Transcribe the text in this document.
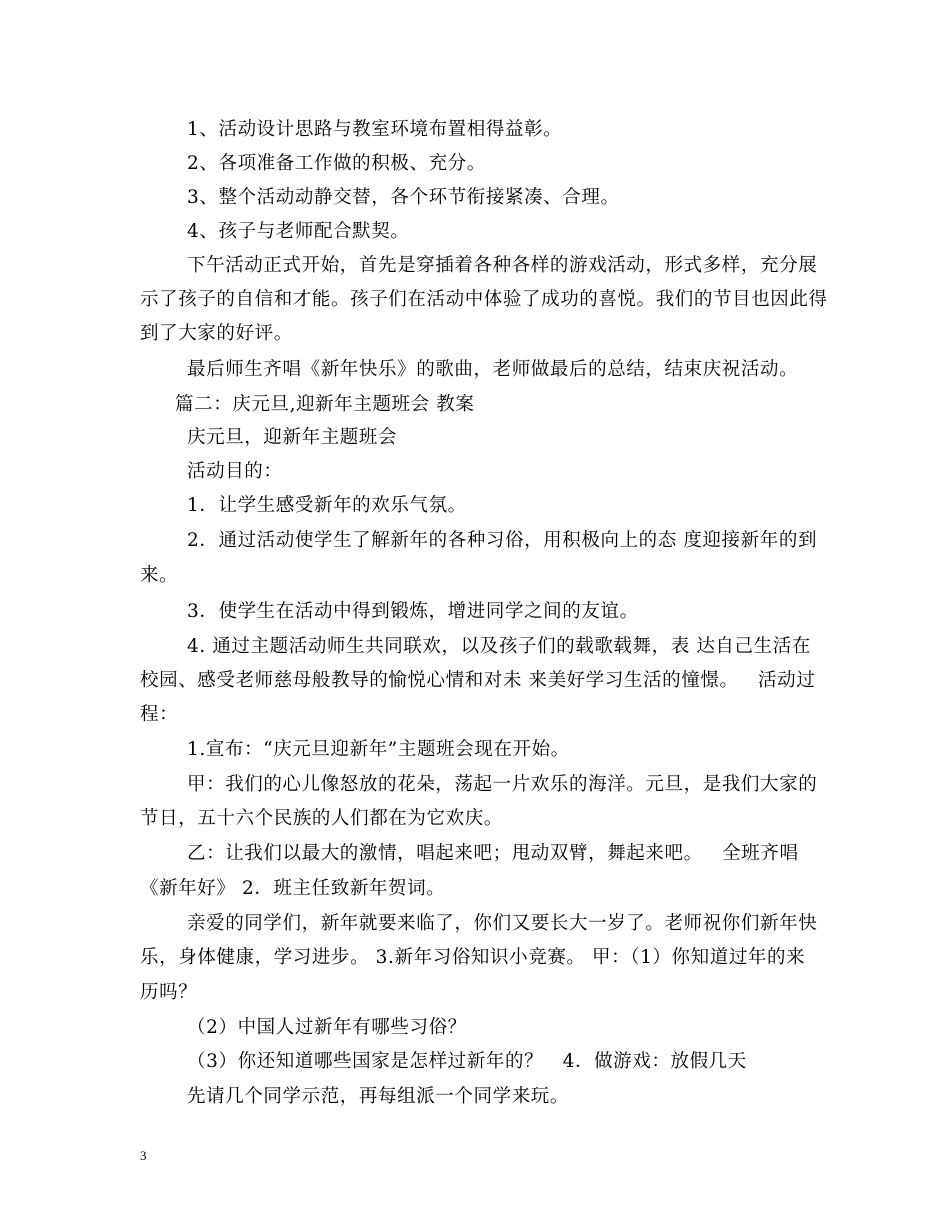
1、活动设计思路与教室环境布置相得益彰。
2、各项准备工作做的积极、充分。
3、整个活动动静交替，各个环节衔接紧凑、合理。
4、孩子与老师配合默契。
下午活动正式开始，首先是穿插着各种各样的游戏活动，形式多样，充分展
示了孩子的自信和才能。孩子们在活动中体验了成功的喜悦。我们的节目也因此得
到了大家的好评。
最后师生齐唱《新年快乐》的歌曲，老师做最后的总结，结束庆祝活动。
篇二：庆元旦,迎新年主题班会 教案
庆元旦，迎新年主题班会
活动目的：
1．让学生感受新年的欢乐气氛。
2．通过活动使学生了解新年的各种习俗，用积极向上的态 度迎接新年的到
来。
3．使学生在活动中得到锻炼，增进同学之间的友谊。
4. 通过主题活动师生共同联欢，以及孩子们的载歌载舞，表 达自己生活在
校园、感受老师慈母般教导的愉悦心情和对未 来美好学习生活的憧憬。   活动过
程：
1.宣布：“庆元旦迎新年”主题班会现在开始。
甲：我们的心儿像怒放的花朵，荡起一片欢乐的海洋。元旦，是我们大家的
节日，五十六个民族的人们都在为它欢庆。
乙：让我们以最大的激情，唱起来吧；甩动双臂，舞起来吧。   全班齐唱
《新年好》 2．班主任致新年贺词。
亲爱的同学们，新年就要来临了，你们又要长大一岁了。老师祝你们新年快
乐，身体健康，学习进步。 3.新年习俗知识小竞赛。 甲：（1）你知道过年的来
历吗？
（2）中国人过新年有哪些习俗？
（3）你还知道哪些国家是怎样过新年的？   4．做游戏：放假几天
先请几个同学示范，再每组派一个同学来玩。
3
